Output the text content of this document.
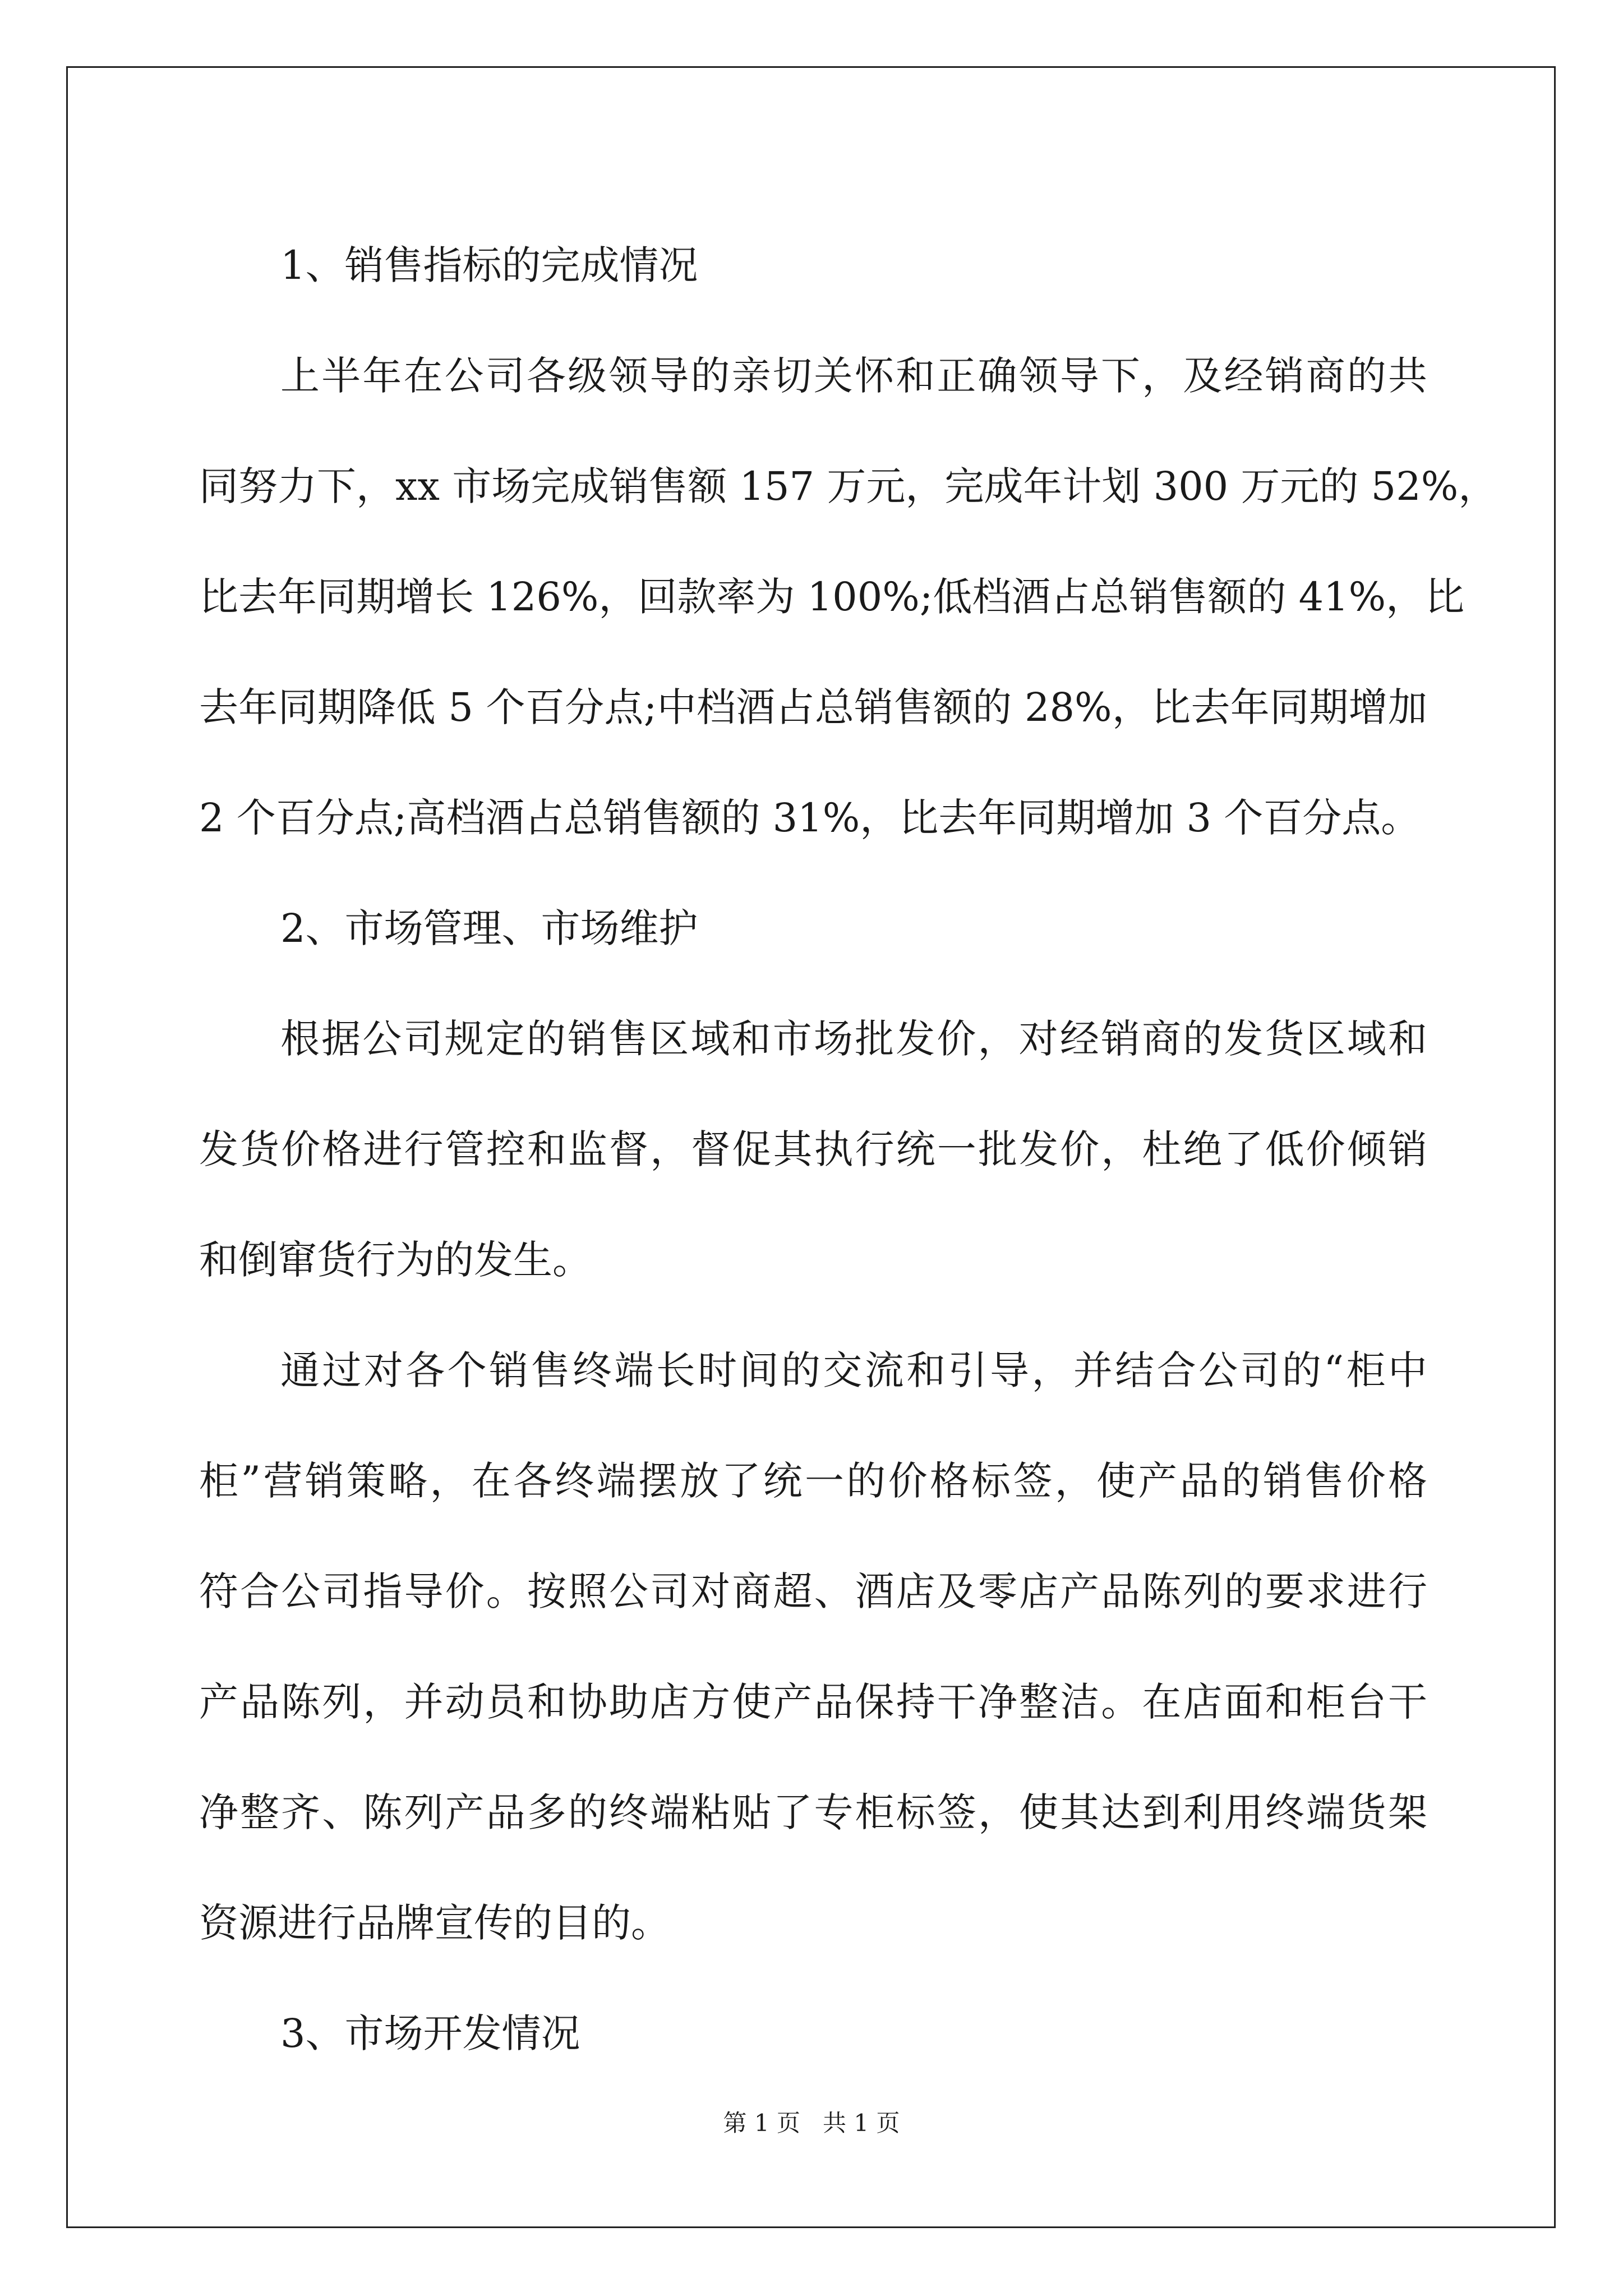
1、销售指标的完成情况
上半年在公司各级领导的亲切关怀和正确领导下，及经销商的共
同努力下，xx 市场完成销售额 157 万元，完成年计划 300 万元的 52%，
比去年同期增长 126%，回款率为 100%;低档酒占总销售额的 41%，比
去年同期降低 5 个百分点;中档酒占总销售额的 28%，比去年同期增加
2 个百分点;高档酒占总销售额的 31%，比去年同期增加 3 个百分点。
2、市场管理、市场维护
根据公司规定的销售区域和市场批发价，对经销商的发货区域和
发货价格进行管控和监督，督促其执行统一批发价，杜绝了低价倾销
和倒窜货行为的发生。
通过对各个销售终端长时间的交流和引导，并结合公司的“柜中
柜”营销策略，在各终端摆放了统一的价格标签，使产品的销售价格
符合公司指导价。按照公司对商超、酒店及零店产品陈列的要求进行
产品陈列，并动员和协助店方使产品保持干净整洁。在店面和柜台干
净整齐、陈列产品多的终端粘贴了专柜标签，使其达到利用终端货架
资源进行品牌宣传的目的。
3、市场开发情况
第 1 页   共 1 页
